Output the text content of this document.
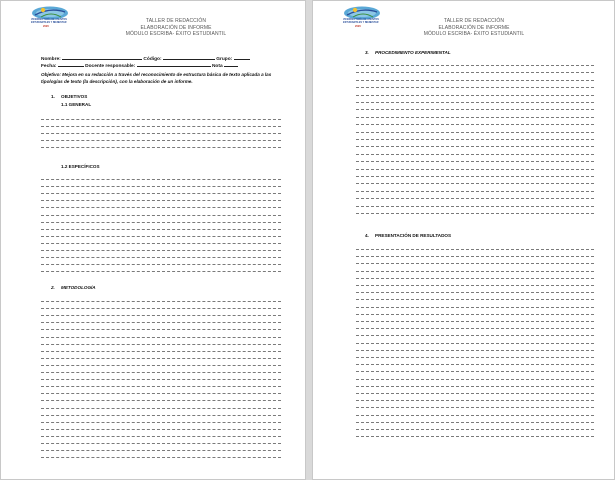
VICERRECTORÍA DE ASUNTOS
ESTUDIANTILES Y BIENESTAR
2020
TALLER DE REDACCIÓN
ELABORACIÓN DE INFORME
MÓDULO ESCRIBA- ÉXITO ESTUDIANTIL
Nombre:	Código:	Grupo:
Fecha:	Docente responsable:	Nota
Objetivo: Mejora en su redacción a través del reconocimiento de estructura básica de texto aplicada a las tipologías de texto (la descripción), con la elaboración de un informe.
1. OBJETIVOS
1.1 GENERAL
1.2 ESPECÍFICOS
2. METODOLOGÍA
VICERRECTORÍA DE ASUNTOS
ESTUDIANTILES Y BIENESTAR
2020
TALLER DE REDACCIÓN
ELABORACIÓN DE INFORME
MÓDULO ESCRIBA- ÉXITO ESTUDIANTIL
3. PROCEDIMIENTO EXPERIMENTAL
4. PRESENTACIÓN DE RESULTADOS
